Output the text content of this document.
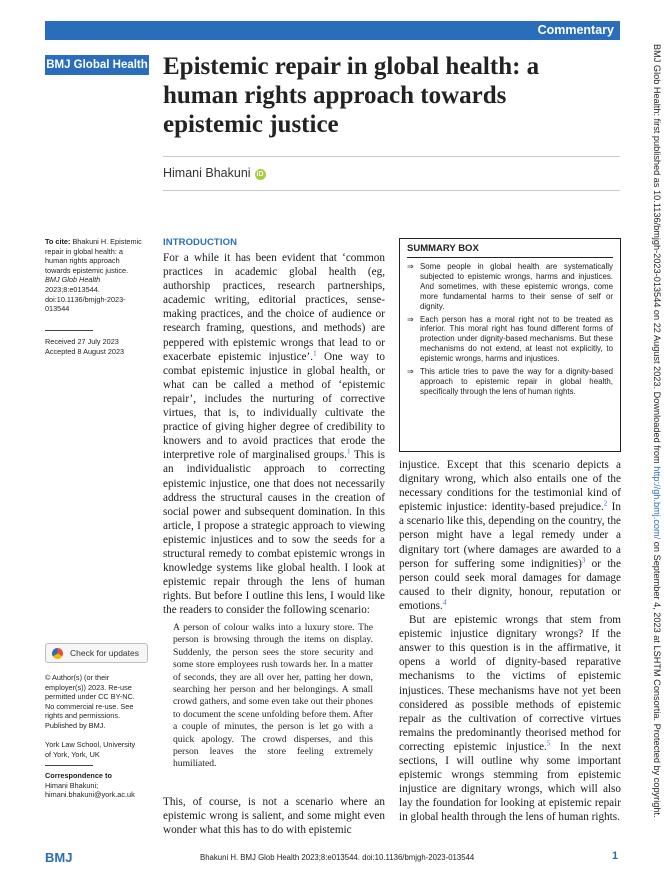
Commentary
BMJ Global Health Epistemic repair in global health: a human rights approach towards epistemic justice
Himani Bhakuni iD
To cite: Bhakuni H. Epistemic repair in global health: a human rights approach towards epistemic justice. BMJ Glob Health 2023;8:e013544. doi:10.1136/bmjgh-2023-013544
Received 27 July 2023
Accepted 8 August 2023
Check for updates
© Author(s) (or their employer(s)) 2023. Re-use permitted under CC BY-NC. No commercial re-use. See rights and permissions. Published by BMJ.
York Law School, University of York, York, UK
Correspondence to
Himani Bhakuni;
himani.bhakuni@york.ac.uk
INTRODUCTION
For a while it has been evident that ‘common practices in academic global health (eg, authorship practices, research partnerships, academic writing, editorial practices, sense-making practices, and the choice of audience or research framing, questions, and methods) are peppered with epistemic wrongs that lead to or exacerbate epistemic injustice’.$^1$ One way to combat epistemic injustice in global health, or what can be called a method of ‘epistemic repair’, includes the nurturing of corrective virtues, that is, to individually cultivate the practice of giving higher degree of credibility to knowers and to avoid practices that erode the interpretive role of marginalised groups.$^1$ This is an individualistic approach to correcting epistemic injustice, one that does not necessarily address the structural causes in the creation of social power and subsequent domination. In this article, I propose a strategic approach to viewing epistemic injustices and to sow the seeds for a structural remedy to combat epistemic wrongs in knowledge systems like global health. I look at epistemic repair through the lens of human rights. But before I outline this lens, I would like the readers to consider the following scenario:
A person of colour walks into a luxury store. The person is browsing through the items on display. Suddenly, the person sees the store security and some store employees rush towards her. In a matter of seconds, they are all over her, patting her down, searching her person and her belongings. A small crowd gathers, and some even take out their phones to document the scene unfolding before them. After a couple of minutes, the person is let go with a quick apology. The crowd disperses, and this person leaves the store feeling extremely humiliated.
This, of course, is not a scenario where an epistemic wrong is salient, and some might even wonder what this has to do with epistemic
SUMMARY BOX
⇒ Some people in global health are systematically subjected to epistemic wrongs, harms and injustices. And sometimes, with these epistemic wrongs, come more fundamental harms to their sense of self or dignity.
⇒ Each person has a moral right not to be treated as inferior. This moral right has found different forms of protection under dignity-based mechanisms. But these mechanisms do not extend, at least not explicitly, to epistemic wrongs, harms and injustices.
⇒ This article tries to pave the way for a dignity-based approach to epistemic repair in global health, specifically through the lens of human rights.

injustice. Except that this scenario depicts a dignitary wrong, which also entails one of the necessary conditions for the testimonial kind of epistemic injustice: identity-based prejudice.$^2$ In a scenario like this, depending on the country, the person might have a legal remedy under a dignitary tort (where damages are awarded to a person for suffering some indignities)$^3$ or the person could seek moral damages for damage caused to their dignity, honour, reputation or emotions.$^4$

But are epistemic wrongs that stem from epistemic injustice dignitary wrongs? If the answer to this question is in the affirmative, it opens a world of dignity-based reparative mechanisms to the victims of epistemic injustices. These mechanisms have not yet been considered as possible methods of epistemic repair as the cultivation of corrective virtues remains the predominantly theorised method for correcting epistemic injustice.$^5$ In the next sections, I will outline why some important epistemic wrongs stemming from epistemic injustice are dignitary wrongs, which will also lay the foundation for looking at epistemic repair in global health through the lens of human rights.

BMJ Glob Health: first published as 10.1136/bmjgh-2023-013544 on 22 August 2023. Downloaded from http://gh.bmj.com/ on September 4, 2023 at LSHTM Consortia. Protected by copyright.
BMJ	Bhakuni H. BMJ Glob Health 2023;8:e013544. doi:10.1136/bmjgh-2023-013544	1
